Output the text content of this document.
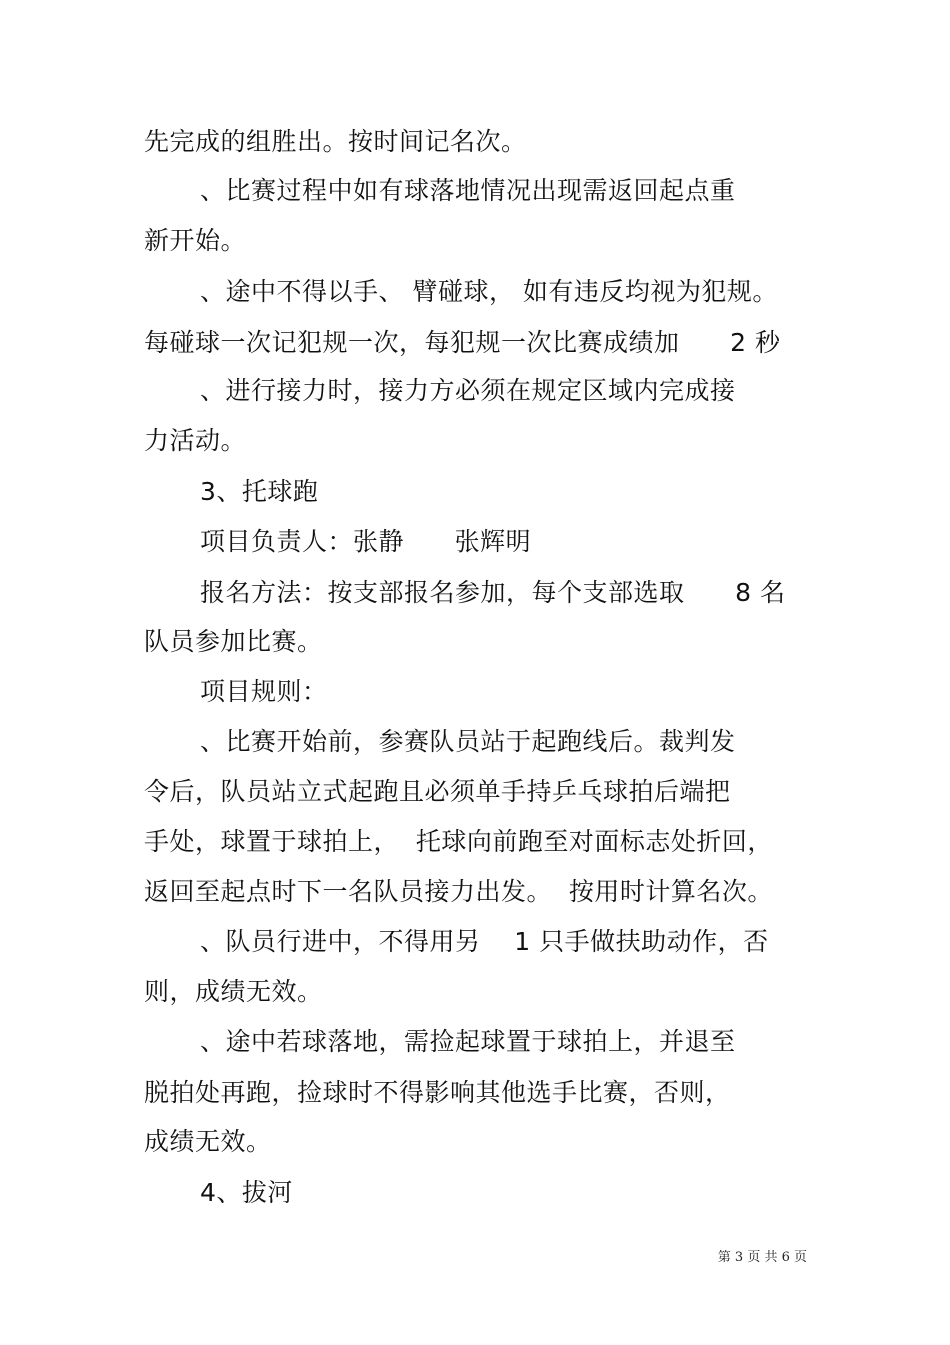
先完成的组胜出。按时间记名次。
、比赛过程中如有球落地情况出现需返回起点重
新开始。
、途中不得以手、 臂碰球， 如有违反均视为犯规。
每碰球一次记犯规一次，每犯规一次比赛成绩加      2 秒
、进行接力时，接力方必须在规定区域内完成接
力活动。
3、托球跑
项目负责人：张静      张辉明
报名方法：按支部报名参加，每个支部选取      8 名
队员参加比赛。
项目规则：
、比赛开始前，参赛队员站于起跑线后。裁判发
令后，队员站立式起跑且必须单手持乒乓球拍后端把
手处，球置于球拍上，  托球向前跑至对面标志处折回，
返回至起点时下一名队员接力出发。  按用时计算名次。
、队员行进中，不得用另    1 只手做扶助动作，否
则，成绩无效。
、途中若球落地，需捡起球置于球拍上，并退至
脱拍处再跑，捡球时不得影响其他选手比赛，否则，
成绩无效。
4、拔河
第 3 页 共 6 页
